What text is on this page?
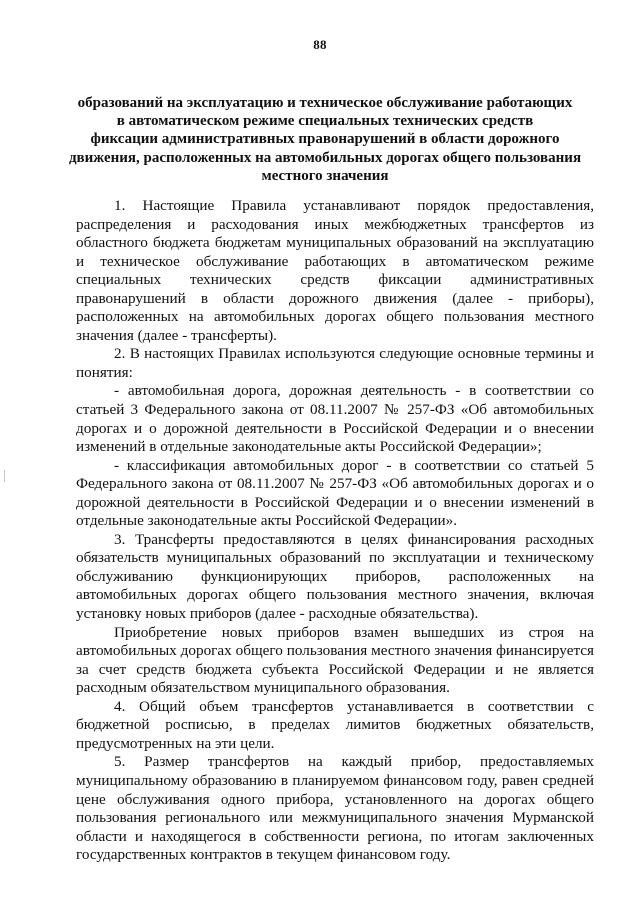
88
образований на эксплуатацию и техническое обслуживание работающих
в автоматическом режиме специальных технических средств
фиксации административных правонарушений в области дорожного
движения, расположенных на автомобильных дорогах общего пользования
местного значения
1. Настоящие Правила устанавливают порядок предоставления,
распределения и расходования иных межбюджетных трансфертов из
областного бюджета бюджетам муниципальных образований на эксплуатацию
и техническое обслуживание работающих в автоматическом режиме
специальных технических средств фиксации административных
правонарушений в области дорожного движения (далее - приборы),
расположенных на автомобильных дорогах общего пользования местного
значения (далее - трансферты).
2. В настоящих Правилах используются следующие основные термины и
понятия:
- автомобильная дорога, дорожная деятельность - в соответствии со
статьей 3 Федерального закона от 08.11.2007 № 257-ФЗ «Об автомобильных
дорогах и о дорожной деятельности в Российской Федерации и о внесении
изменений в отдельные законодательные акты Российской Федерации»;
- классификация автомобильных дорог - в соответствии со статьей 5
Федерального закона от 08.11.2007 № 257-ФЗ «Об автомобильных дорогах и о
дорожной деятельности в Российской Федерации и о внесении изменений в
отдельные законодательные акты Российской Федерации».
3. Трансферты предоставляются в целях финансирования расходных
обязательств муниципальных образований по эксплуатации и техническому
обслуживанию функционирующих приборов, расположенных на
автомобильных дорогах общего пользования местного значения, включая
установку новых приборов (далее - расходные обязательства).
Приобретение новых приборов взамен вышедших из строя на
автомобильных дорогах общего пользования местного значения финансируется
за счет средств бюджета субъекта Российской Федерации и не является
расходным обязательством муниципального образования.
4. Общий объем трансфертов устанавливается в соответствии с
бюджетной росписью, в пределах лимитов бюджетных обязательств,
предусмотренных на эти цели.
5. Размер трансфертов на каждый прибор, предоставляемых
муниципальному образованию в планируемом финансовом году, равен средней
цене обслуживания одного прибора, установленного на дорогах общего
пользования регионального или межмуниципального значения Мурманской
области и находящегося в собственности региона, по итогам заключенных
государственных контрактов в текущем финансовом году.
